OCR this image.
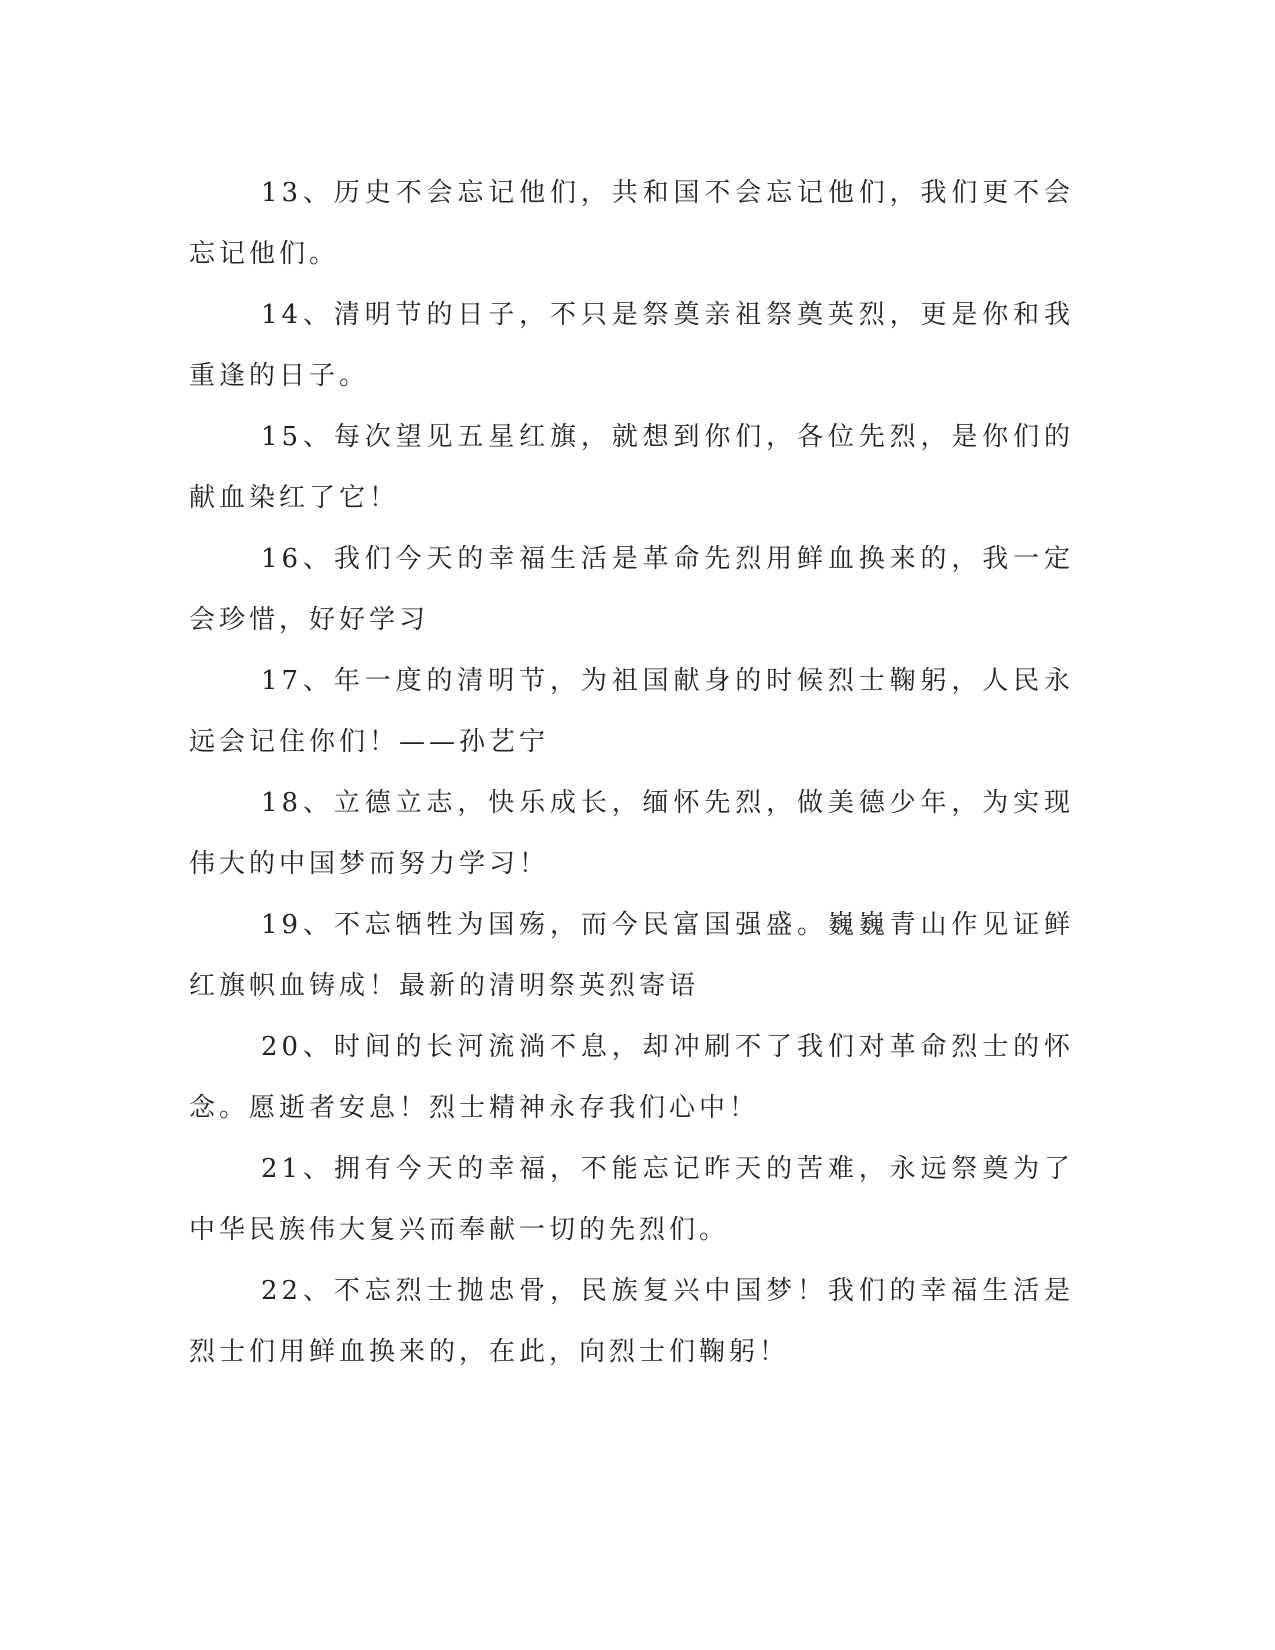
13、历史不会忘记他们，共和国不会忘记他们，我们更不会忘记他们。

14、清明节的日子，不只是祭奠亲祖祭奠英烈，更是你和我重逢的日子。

15、每次望见五星红旗，就想到你们，各位先烈，是你们的献血染红了它！

16、我们今天的幸福生活是革命先烈用鲜血换来的，我一定会珍惜，好好学习

17、年一度的清明节，为祖国献身的时候烈士鞠躬，人民永远会记住你们！——孙艺宁

18、立德立志，快乐成长，缅怀先烈，做美德少年，为实现伟大的中国梦而努力学习！

19、不忘牺牲为国殇，而今民富国强盛。巍巍青山作见证鲜红旗帜血铸成！最新的清明祭英烈寄语

20、时间的长河流淌不息，却冲刷不了我们对革命烈士的怀念。愿逝者安息！烈士精神永存我们心中！

21、拥有今天的幸福，不能忘记昨天的苦难，永远祭奠为了中华民族伟大复兴而奉献一切的先烈们。

22、不忘烈士抛忠骨，民族复兴中国梦！我们的幸福生活是烈士们用鲜血换来的，在此，向烈士们鞠躬！
